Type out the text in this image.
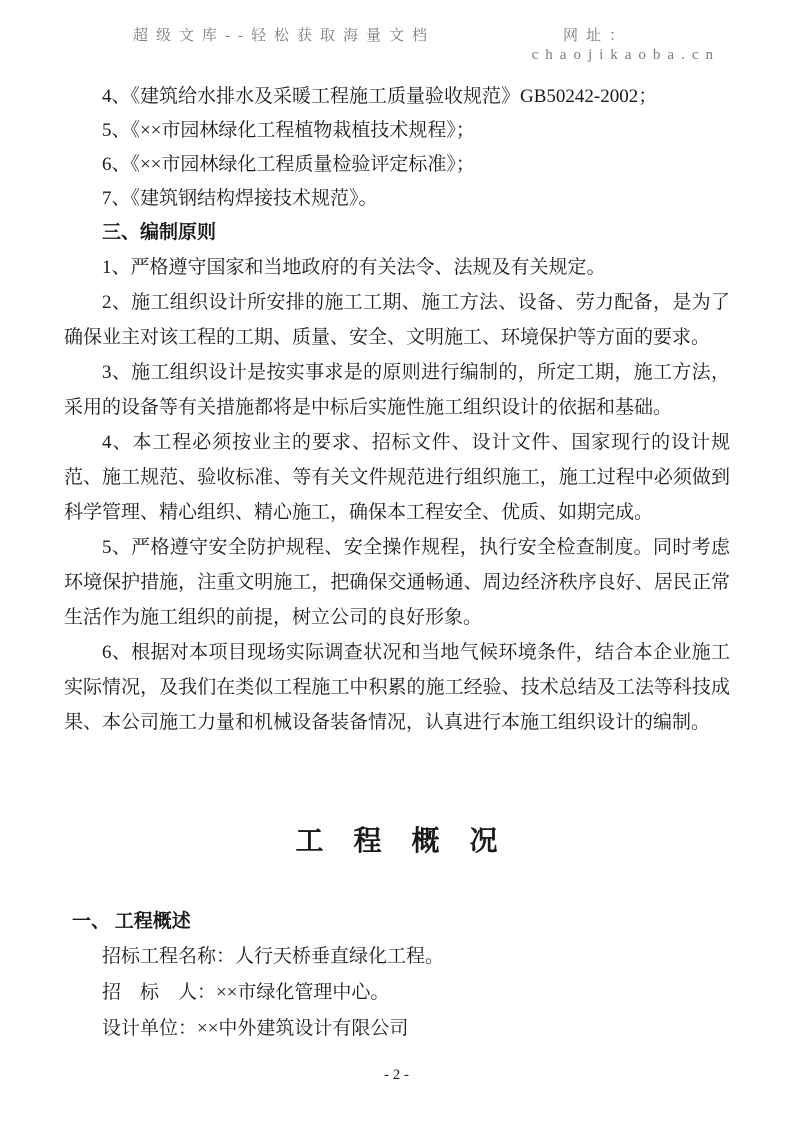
超级文库--轻松获取海量文档	网址：
chaojikaoba.cn

4、《建筑给水排水及采暖工程施工质量验收规范》GB50242-2002；

5、《××市园林绿化工程植物栽植技术规程》；

6、《××市园林绿化工程质量检验评定标准》；

7、《建筑钢结构焊接技术规范》。

三、编制原则

1、严格遵守国家和当地政府的有关法令、法规及有关规定。

2、施工组织设计所安排的施工工期、施工方法、设备、劳力配备，是为了确保业主对该工程的工期、质量、安全、文明施工、环境保护等方面的要求。

3、施工组织设计是按实事求是的原则进行编制的，所定工期，施工方法，采用的设备等有关措施都将是中标后实施性施工组织设计的依据和基础。

4、本工程必须按业主的要求、招标文件、设计文件、国家现行的设计规范、施工规范、验收标准、等有关文件规范进行组织施工，施工过程中必须做到科学管理、精心组织、精心施工，确保本工程安全、优质、如期完成。

5、严格遵守安全防护规程、安全操作规程，执行安全检查制度。同时考虑环境保护措施，注重文明施工，把确保交通畅通、周边经济秩序良好、居民正常生活作为施工组织的前提，树立公司的良好形象。

6、根据对本项目现场实际调查状况和当地气候环境条件，结合本企业施工实际情况，及我们在类似工程施工中积累的施工经验、技术总结及工法等科技成果、本公司施工力量和机械设备装备情况，认真进行本施工组织设计的编制。

工　程　概　况

一、 工程概述

招标工程名称：人行天桥垂直绿化工程。

招　标　人：××市绿化管理中心。

设计单位：××中外建筑设计有限公司

- 2 -
